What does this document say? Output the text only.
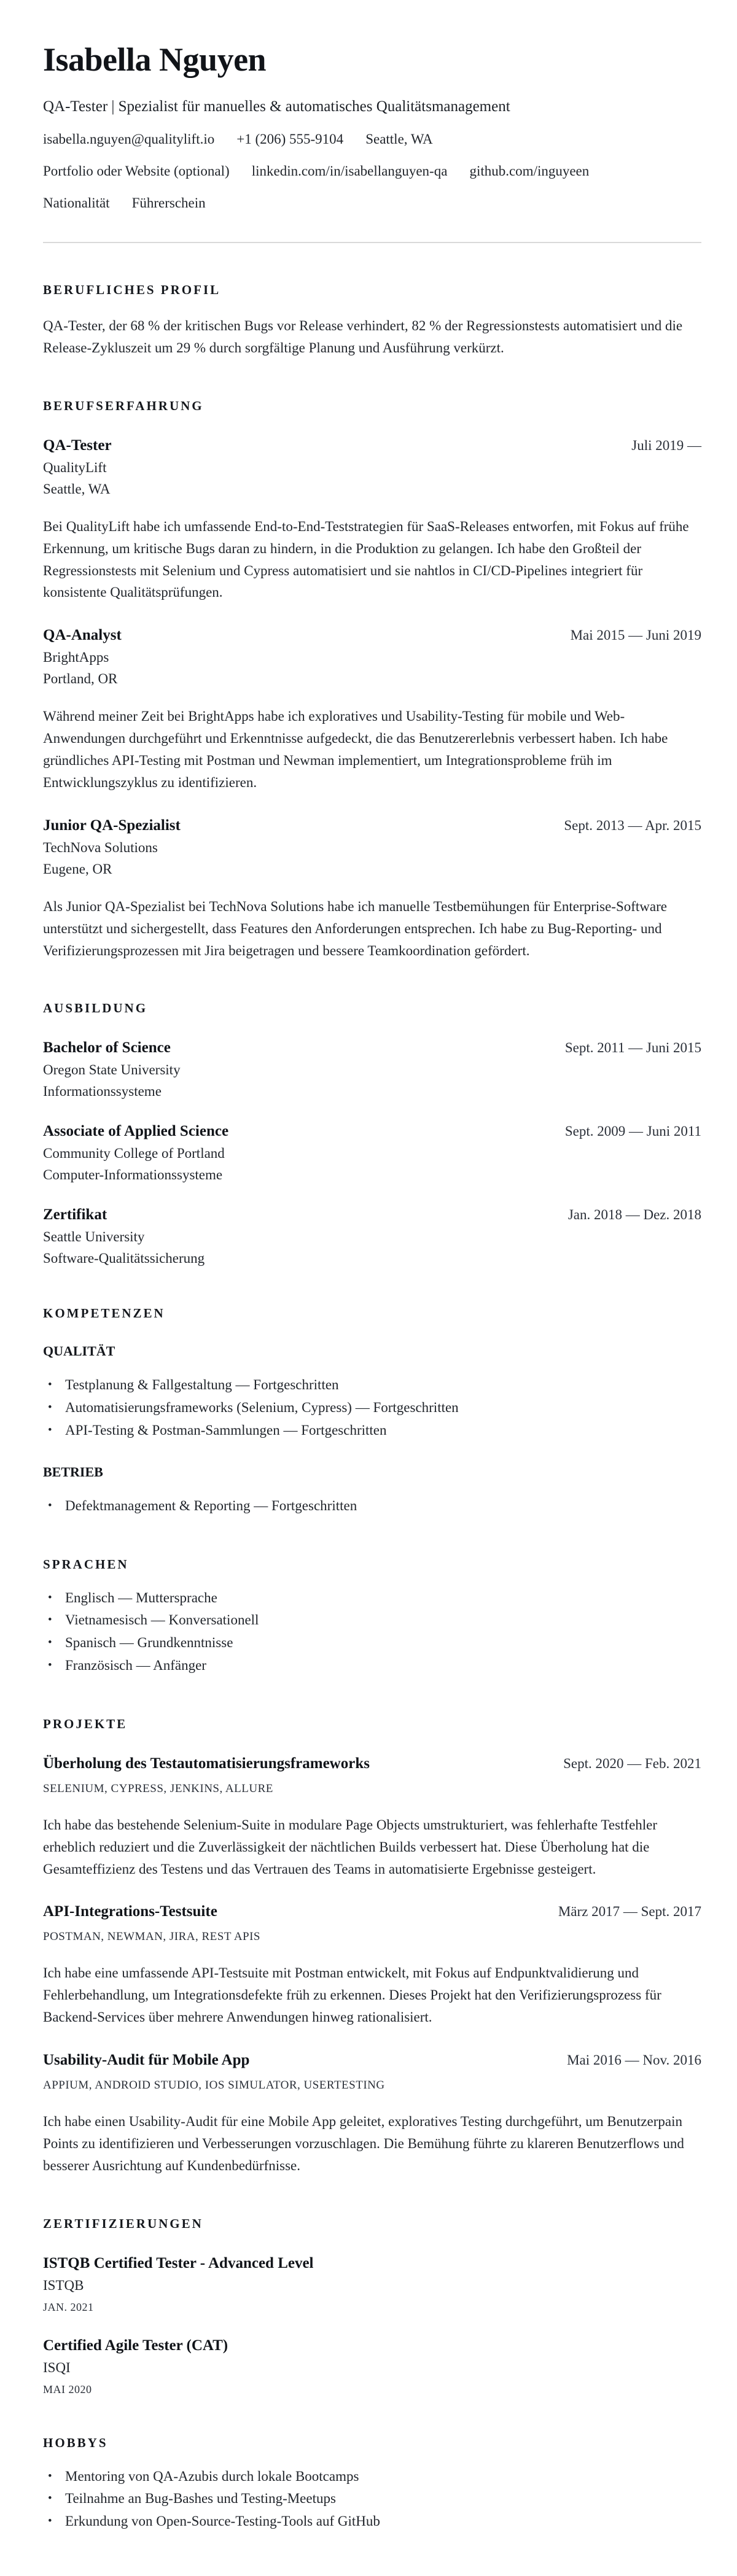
Isabella Nguyen
QA-Tester | Spezialist für manuelles & automatisches Qualitätsmanagement
isabella.nguyen@qualitylift.io +1 (206) 555-9104 Seattle, WA
Portfolio oder Website (optional) linkedin.com/in/isabellanguyen-qa github.com/inguyeen
Nationalität Führerschein
BERUFLICHES PROFIL

QA-Tester, der 68 % der kritischen Bugs vor Release verhindert, 82 % der Regressionstests automatisiert und die Release-Zykluszeit um 29 % durch sorgfältige Planung und Ausführung verkürzt.

BERUFSERFAHRUNG
QA-Tester	Juli 2019 —
QualityLift
Seattle, WA

Bei QualityLift habe ich umfassende End-to-End-Teststrategien für SaaS-Releases entworfen, mit Fokus auf frühe Erkennung, um kritische Bugs daran zu hindern, in die Produktion zu gelangen. Ich habe den Großteil der Regressionstests mit Selenium und Cypress automatisiert und sie nahtlos in CI/CD-Pipelines integriert für konsistente Qualitätsprüfungen.

QA-Analyst	Mai 2015 — Juni 2019
BrightApps
Portland, OR

Während meiner Zeit bei BrightApps habe ich exploratives und Usability-Testing für mobile und Web-Anwendungen durchgeführt und Erkenntnisse aufgedeckt, die das Benutzererlebnis verbessert haben. Ich habe gründliches API-Testing mit Postman und Newman implementiert, um Integrationsprobleme früh im Entwicklungszyklus zu identifizieren.

Junior QA-Spezialist	Sept. 2013 — Apr. 2015
TechNova Solutions
Eugene, OR

Als Junior QA-Spezialist bei TechNova Solutions habe ich manuelle Testbemühungen für Enterprise-Software unterstützt und sichergestellt, dass Features den Anforderungen entsprechen. Ich habe zu Bug-Reporting- und Verifizierungsprozessen mit Jira beigetragen und bessere Teamkoordination gefördert.

AUSBILDUNG
Bachelor of Science	Sept. 2011 — Juni 2015
Oregon State University
Informationssysteme
Associate of Applied Science	Sept. 2009 — Juni 2011
Community College of Portland
Computer-Informationssysteme
Zertifikat	Jan. 2018 — Dez. 2018
Seattle University
Software-Qualitätssicherung
KOMPETENZEN
QUALITÄT
• Testplanung & Fallgestaltung — Fortgeschritten
• Automatisierungsframeworks (Selenium, Cypress) — Fortgeschritten
• API-Testing & Postman-Sammlungen — Fortgeschritten
BETRIEB
• Defektmanagement & Reporting — Fortgeschritten
SPRACHEN
• Englisch — Muttersprache
• Vietnamesisch — Konversationell
• Spanisch — Grundkenntnisse
• Französisch — Anfänger
PROJEKTE
Überholung des Testautomatisierungsframeworks	Sept. 2020 — Feb. 2021
SELENIUM, CYPRESS, JENKINS, ALLURE

Ich habe das bestehende Selenium-Suite in modulare Page Objects umstrukturiert, was fehlerhafte Testfehler erheblich reduziert und die Zuverlässigkeit der nächtlichen Builds verbessert hat. Diese Überholung hat die Gesamteffizienz des Testens und das Vertrauen des Teams in automatisierte Ergebnisse gesteigert.

API-Integrations-Testsuite	März 2017 — Sept. 2017
POSTMAN, NEWMAN, JIRA, REST APIS

Ich habe eine umfassende API-Testsuite mit Postman entwickelt, mit Fokus auf Endpunktvalidierung und Fehlerbehandlung, um Integrationsdefekte früh zu erkennen. Dieses Projekt hat den Verifizierungsprozess für Backend-Services über mehrere Anwendungen hinweg rationalisiert.

Usability-Audit für Mobile App	Mai 2016 — Nov. 2016
APPIUM, ANDROID STUDIO, IOS SIMULATOR, USERTESTING

Ich habe einen Usability-Audit für eine Mobile App geleitet, exploratives Testing durchgeführt, um Benutzerpain Points zu identifizieren und Verbesserungen vorzuschlagen. Die Bemühung führte zu klareren Benutzerflows und besserer Ausrichtung auf Kundenbedürfnisse.

ZERTIFIZIERUNGEN
ISTQB Certified Tester - Advanced Level
ISTQB
JAN. 2021
Certified Agile Tester (CAT)
ISQI
MAI 2020
HOBBYS
• Mentoring von QA-Azubis durch lokale Bootcamps
• Teilnahme an Bug-Bashes und Testing-Meetups
• Erkundung von Open-Source-Testing-Tools auf GitHub
